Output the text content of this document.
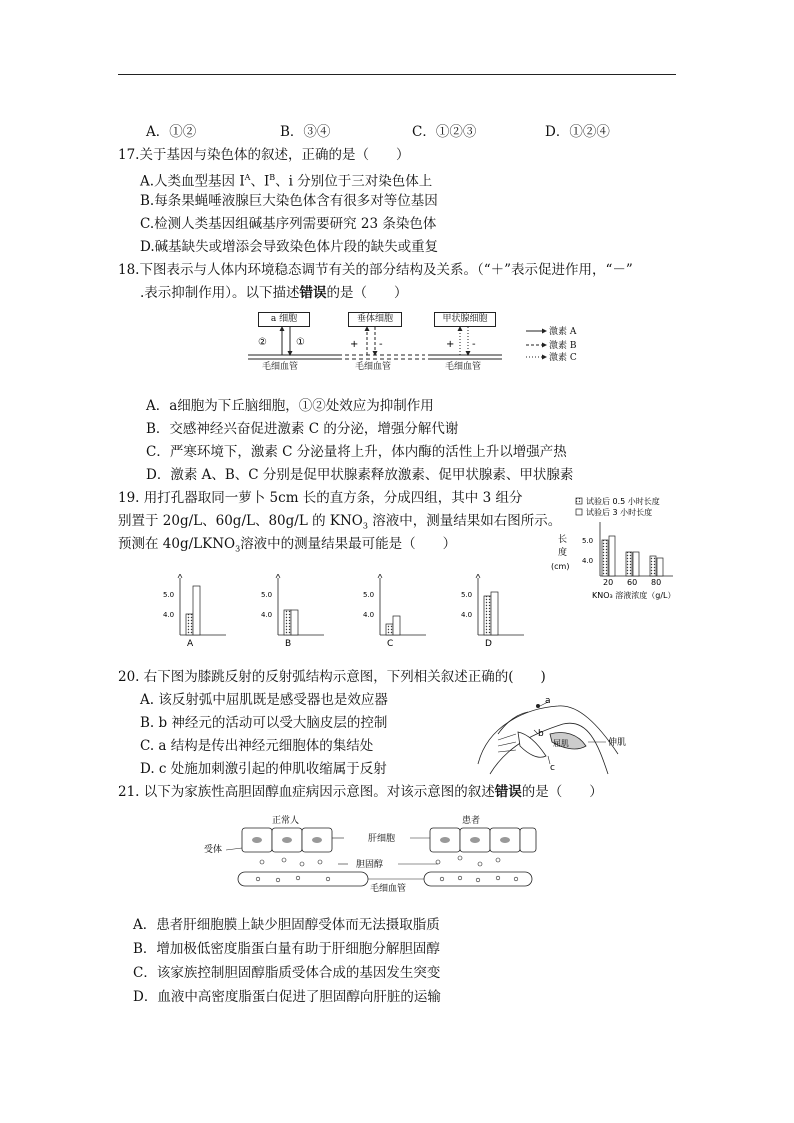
A．①②	B．③④	C．①②③	D．①②④
17.关于基因与染色体的叙述，正确的是（　　）
A.人类血型基因 $I^A$、$I^B$、i 分别位于三对染色体上
B.每条果蝇唾液腺巨大染色体含有很多对等位基因
C.检测人类基因组碱基序列需要研究 23 条染色体
D.碱基缺失或增添会导致染色体片段的缺失或重复
18.下图表示与人体内环境稳态调节有关的部分结构及关系。（“＋”表示促进作用，“－”
.表示抑制作用）。以下描述错误的是（　　）
a 细胞	垂体细胞	甲状腺细胞
②	①	+ -	+ -
毛细血管	毛细血管	毛细血管
激素 A
激素 B
激素 C
A．a细胞为下丘脑细胞，①②处效应为抑制作用
B．交感神经兴奋促进激素 C 的分泌，增强分解代谢
C．严寒环境下，激素 C 分泌量将上升，体内酶的活性上升以增强产热
D．激素 A、B、C 分别是促甲状腺素释放激素、促甲状腺素、甲状腺素
19. 用打孔器取同一萝卜 5cm 长的直方条，分成四组，其中 3 组分
别置于 20g/L、60g/L、80g/L 的 $KNO_3$ 溶液中，测量结果如右图所示。
预测在 $40g/LKNO_3$溶液中的测量结果最可能是（　　）
试验后 0.5 小时长度
试验后 3 小时长度
长
度
(cm)
5.0
4.0
20 60 80
KNO₃ 溶液浓度（g/L）
5.0
4.0
A
5.0
4.0
B
5.0
4.0
C
5.0
4.0
D
20. 右下图为膝跳反射的反射弧结构示意图，下列相关叙述正确的(　　)
A. 该反射弧中屈肌既是感受器也是效应器
B. b 神经元的活动可以受大脑皮层的控制
C. a 结构是传出神经元细胞体的集结处
D. c 处施加刺激引起的伸肌收缩属于反射
a
b
c
伸肌
屈肌
21. 以下为家族性高胆固醇血症病因示意图。对该示意图的叙述错误的是（　　）
正常人	患者
受体
肝细胞
胆固醇
毛细血管
A．患者肝细胞膜上缺少胆固醇受体而无法摄取脂质
B．增加极低密度脂蛋白量有助于肝细胞分解胆固醇
C．该家族控制胆固醇脂质受体合成的基因发生突变
D．血液中高密度脂蛋白促进了胆固醇向肝脏的运输
